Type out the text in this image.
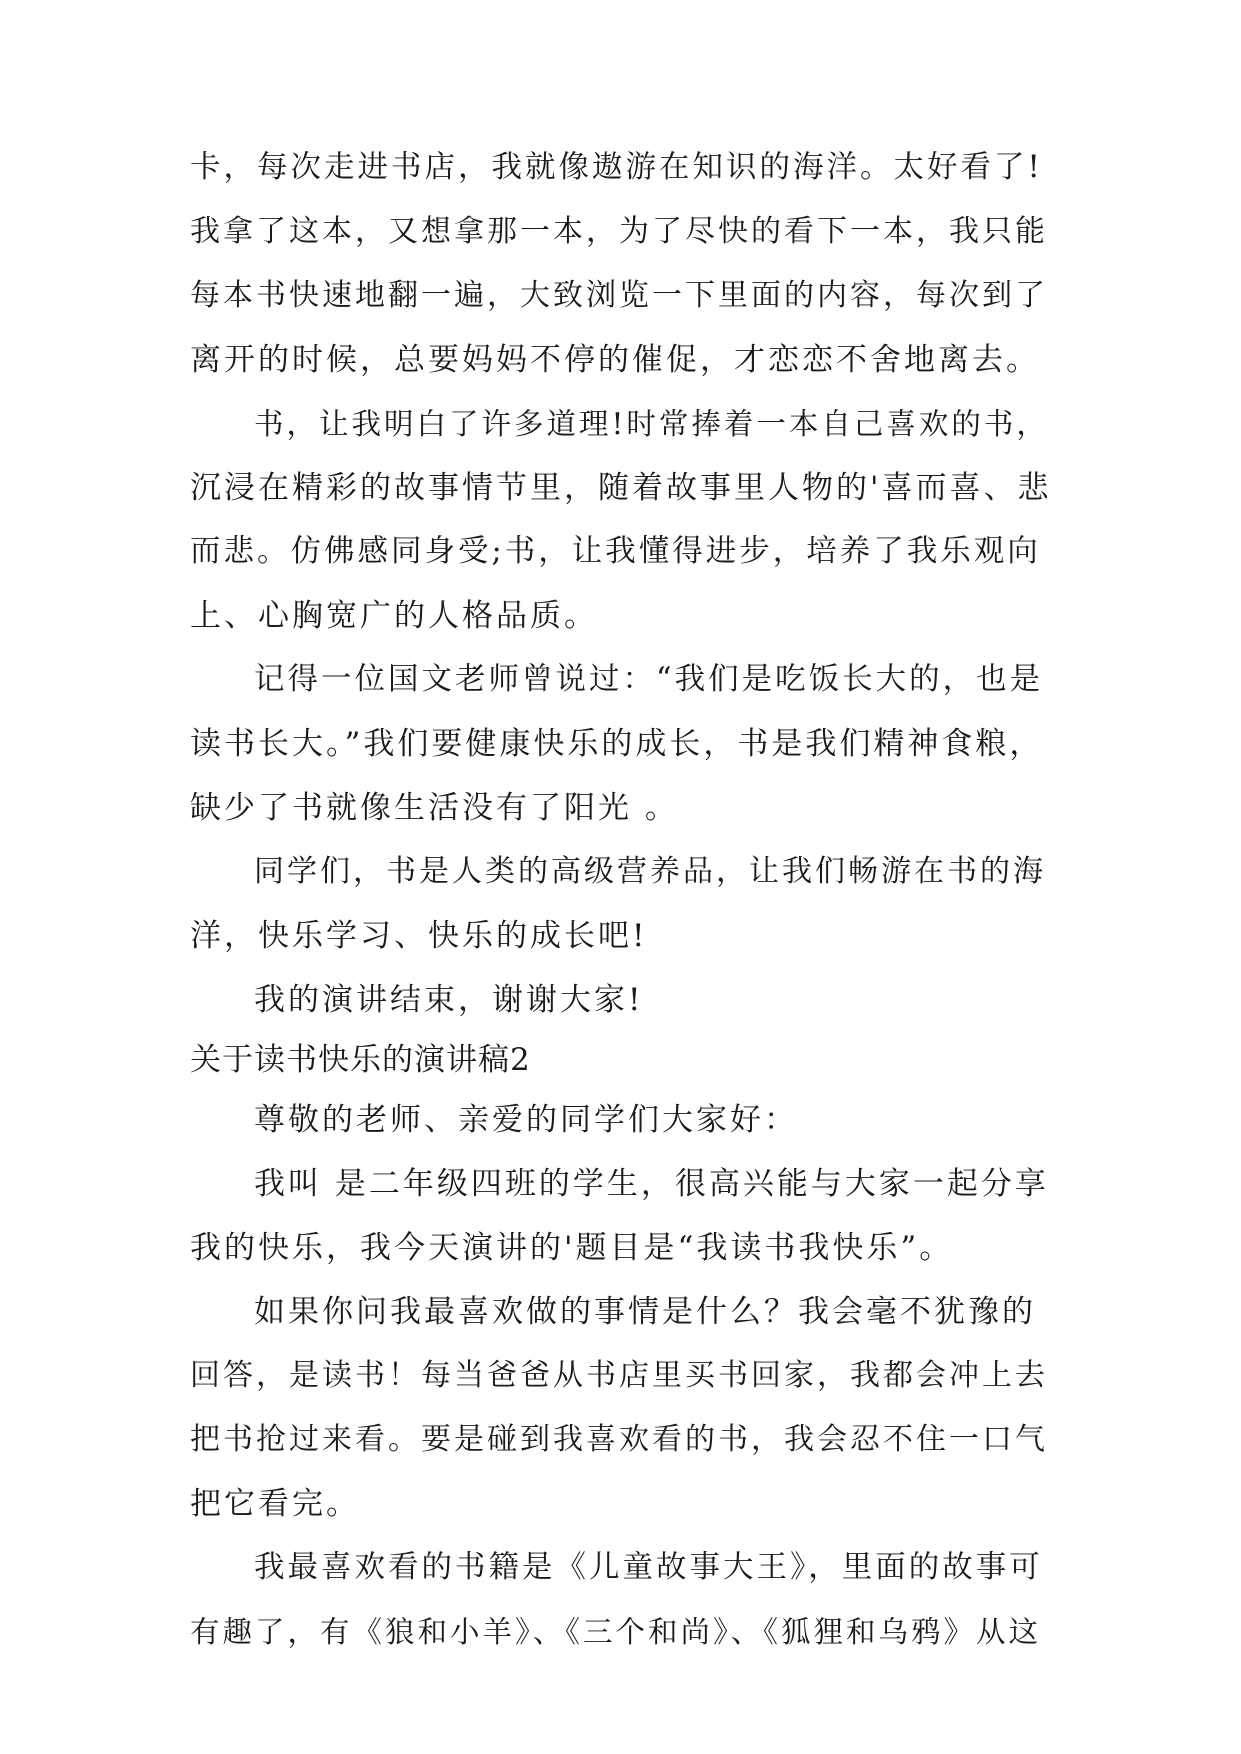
卡，每次走进书店，我就像遨游在知识的海洋。太好看了!
我拿了这本，又想拿那一本，为了尽快的看下一本，我只能
每本书快速地翻一遍，大致浏览一下里面的内容，每次到了
离开的时候，总要妈妈不停的催促，才恋恋不舍地离去。
书，让我明白了许多道理!时常捧着一本自己喜欢的书，
沉浸在精彩的故事情节里，随着故事里人物的'喜而喜、悲
而悲。仿佛感同身受;书，让我懂得进步，培养了我乐观向
上、心胸宽广的人格品质。
记得一位国文老师曾说过：“我们是吃饭长大的，也是
读书长大。”我们要健康快乐的成长，书是我们精神食粮，
缺少了书就像生活没有了阳光 。
同学们，书是人类的高级营养品，让我们畅游在书的海
洋，快乐学习、快乐的成长吧!
我的演讲结束，谢谢大家!
关于读书快乐的演讲稿2
尊敬的老师、亲爱的同学们大家好：
我叫 是二年级四班的学生，很高兴能与大家一起分享
我的快乐，我今天演讲的'题目是“我读书我快乐”。
如果你问我最喜欢做的事情是什么？我会毫不犹豫的
回答，是读书！每当爸爸从书店里买书回家，我都会冲上去
把书抢过来看。要是碰到我喜欢看的书，我会忍不住一口气
把它看完。
我最喜欢看的书籍是《儿童故事大王》，里面的故事可
有趣了，有《狼和小羊》、《三个和尚》、《狐狸和乌鸦》从这
